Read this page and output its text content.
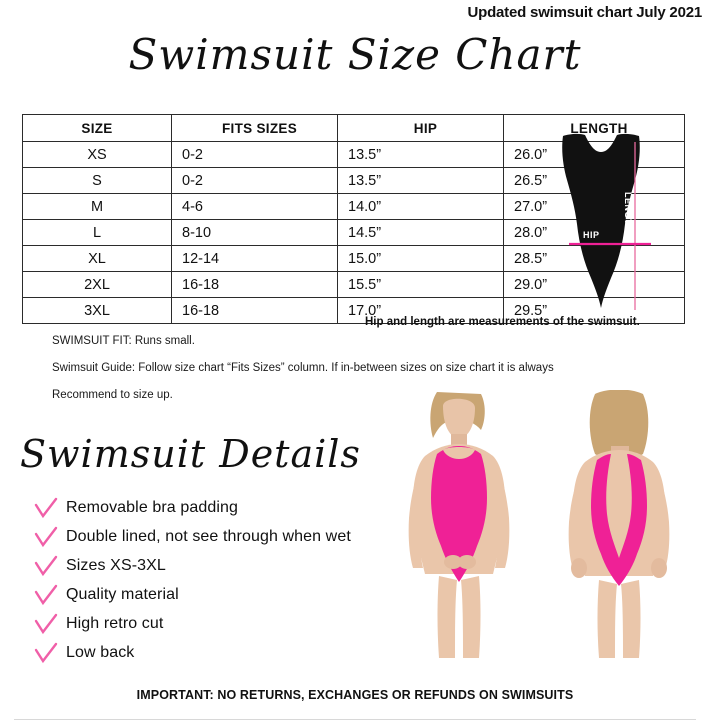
Updated swimsuit chart July 2021
Swimsuit Size Chart
SIZE	FITS SIZES	HIP	LENGTH
XS	0-2	13.5”	26.0”
S	0-2	13.5”	26.5”
M	4-6	14.0”	27.0”
L	8-10	14.5”	28.0”
XL	12-14	15.0”	28.5”
2XL	16-18	15.5”	29.0”
3XL	16-18	17.0”	29.5”
LENGTH
HIP
Hip and length are measurements of the swimsuit.

SWIMSUIT FIT: Runs small.

Swimsuit Guide: Follow size chart “Fits Sizes” column. If in-between sizes on size chart it is always

Recommend to size up.

Swimsuit Details
Removable bra padding
Double lined, not see through when wet
Sizes XS-3XL
Quality material
High retro cut
Low back
IMPORTANT: NO RETURNS, EXCHANGES OR REFUNDS ON SWIMSUITS
